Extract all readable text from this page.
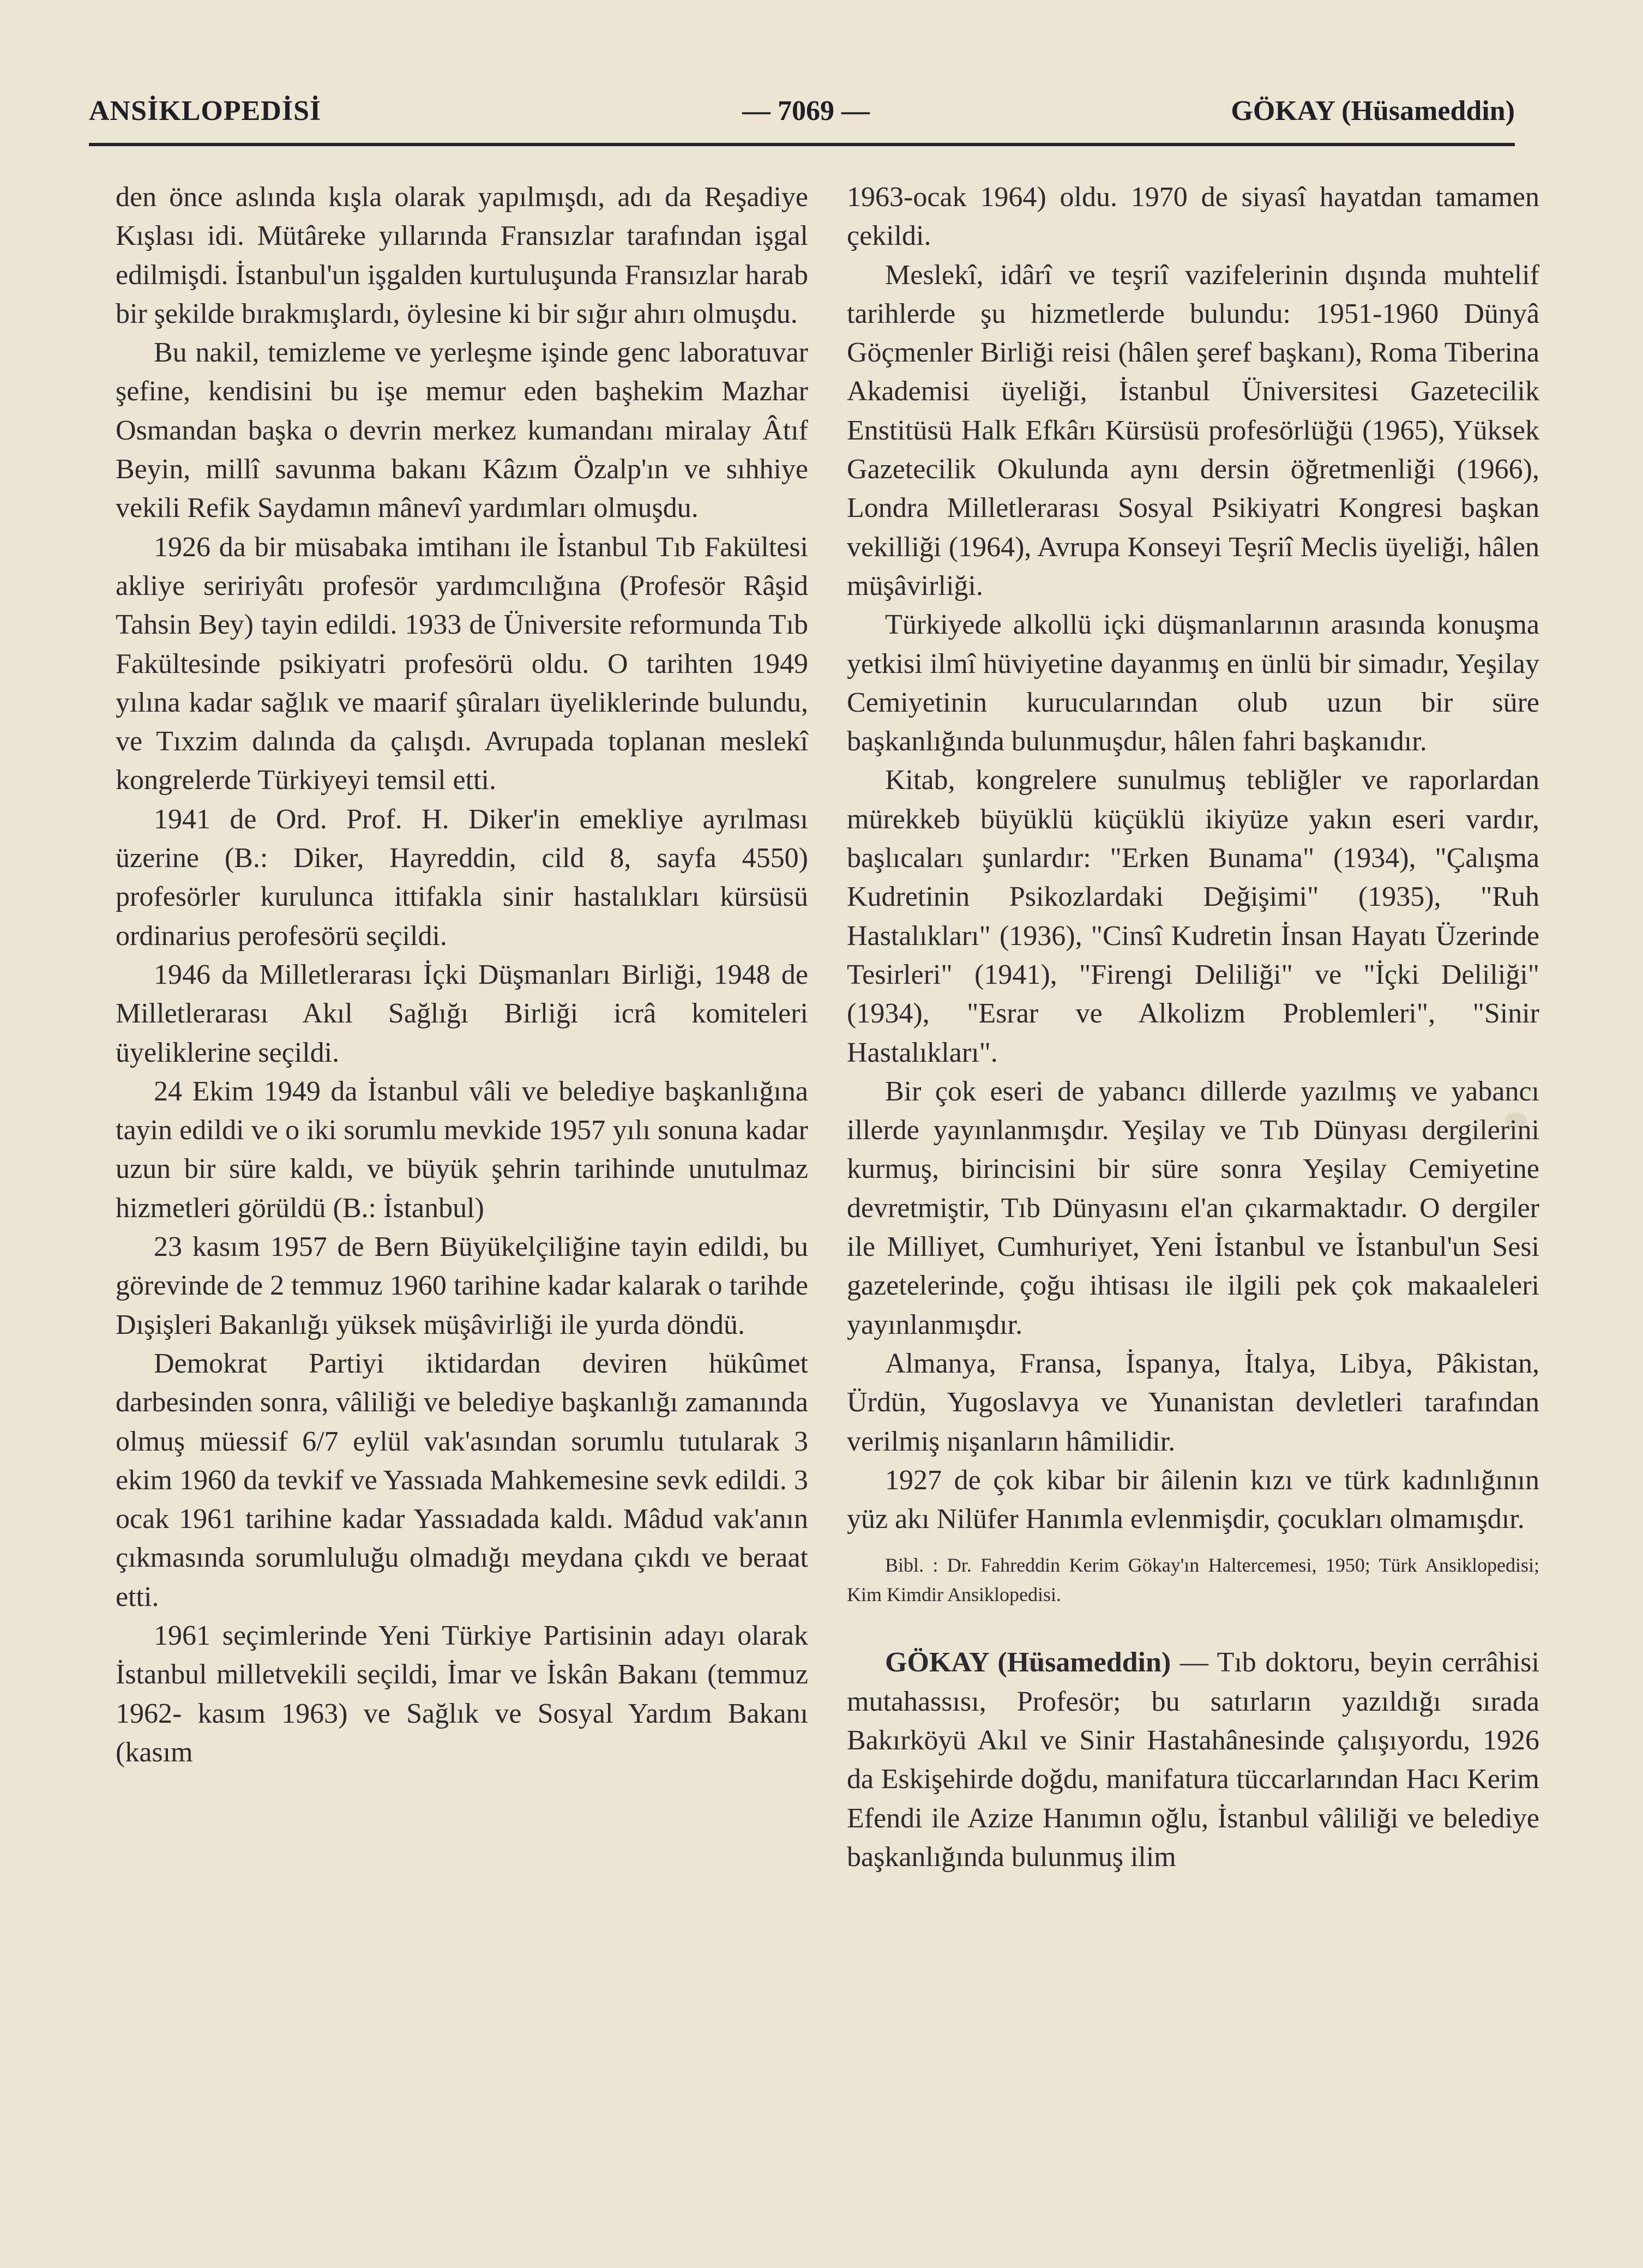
ANSİKLOPEDİSİ	— 7069 —	GÖKAY (Hüsameddin)

den önce aslında kışla olarak yapılmışdı, adı da Reşadiye Kışlası idi. Mütâreke yıllarında Fransızlar tarafından işgal edilmişdi. İstanbul'un işgalden kurtuluşunda Fransızlar harab bir şekilde bırakmışlardı, öylesine ki bir sığır ahırı olmuşdu.

Bu nakil, temizleme ve yerleşme işinde genc laboratuvar şefine, kendisini bu işe memur eden başhekim Mazhar Osmandan başka o devrin merkez kumandanı miralay Âtıf Beyin, millî savunma bakanı Kâzım Özalp'ın ve sıhhiye vekili Refik Saydamın mânevî yardımları olmuşdu.

1926 da bir müsabaka imtihanı ile İstanbul Tıb Fakültesi akliye seririyâtı profesör yardımcılığına (Profesör Râşid Tahsin Bey) tayin edildi. 1933 de Üniversite reformunda Tıb Fakültesinde psikiyatri profesörü oldu. O tarihten 1949 yılına kadar sağlık ve maarif şûraları üyeliklerinde bulundu, ve Tıxzim dalında da çalışdı. Avrupada toplanan meslekî kongrelerde Türkiyeyi temsil etti.

1941 de Ord. Prof. H. Diker'in emekliye ayrılması üzerine (B.: Diker, Hayreddin, cild 8, sayfa 4550) profesörler kurulunca ittifakla sinir hastalıkları kürsüsü ordinarius perofesörü seçildi.

1946 da Milletlerarası İçki Düşmanları Birliği, 1948 de Milletlerarası Akıl Sağlığı Birliği icrâ komiteleri üyeliklerine seçildi.

24 Ekim 1949 da İstanbul vâli ve belediye başkanlığına tayin edildi ve o iki sorumlu mevkide 1957 yılı sonuna kadar uzun bir süre kaldı, ve büyük şehrin tarihinde unutulmaz hizmetleri görüldü (B.: İstanbul)

23 kasım 1957 de Bern Büyükelçiliğine tayin edildi, bu görevinde de 2 temmuz 1960 tarihine kadar kalarak o tarihde Dışişleri Bakanlığı yüksek müşâvirliği ile yurda döndü.

Demokrat Partiyi iktidardan deviren hükûmet darbesinden sonra, vâliliği ve belediye başkanlığı zamanında olmuş müessif 6/7 eylül vak'asından sorumlu tutularak 3 ekim 1960 da tevkif ve Yassıada Mahkemesine sevk edildi. 3 ocak 1961 tarihine kadar Yassıadada kaldı. Mâdud vak'anın çıkmasında sorumluluğu olmadığı meydana çıkdı ve beraat etti.

1961 seçimlerinde Yeni Türkiye Partisinin adayı olarak İstanbul milletvekili seçildi, İmar ve İskân Bakanı (temmuz 1962- kasım 1963) ve Sağlık ve Sosyal Yardım Bakanı (kasım

1963-ocak 1964) oldu. 1970 de siyasî hayatdan tamamen çekildi.

Meslekî, idârî ve teşriî vazifelerinin dışında muhtelif tarihlerde şu hizmetlerde bulundu: 1951-1960 Dünyâ Göçmenler Birliği reisi (hâlen şeref başkanı), Roma Tiberina Akademisi üyeliği, İstanbul Üniversitesi Gazetecilik Enstitüsü Halk Efkârı Kürsüsü profesörlüğü (1965), Yüksek Gazetecilik Okulunda aynı dersin öğretmenliği (1966), Londra Milletlerarası Sosyal Psikiyatri Kongresi başkan vekilliği (1964), Avrupa Konseyi Teşriî Meclis üyeliği, hâlen müşâvirliği.

Türkiyede alkollü içki düşmanlarının arasında konuşma yetkisi ilmî hüviyetine dayanmış en ünlü bir simadır, Yeşilay Cemiyetinin kurucularından olub uzun bir süre başkanlığında bulunmuşdur, hâlen fahri başkanıdır.

Kitab, kongrelere sunulmuş tebliğler ve raporlardan mürekkeb büyüklü küçüklü ikiyüze yakın eseri vardır, başlıcaları şunlardır: "Erken Bunama" (1934), "Çalışma Kudretinin Psikozlardaki Değişimi" (1935), "Ruh Hastalıkları" (1936), "Cinsî Kudretin İnsan Hayatı Üzerinde Tesirleri" (1941), "Firengi Deliliği" ve "İçki Deliliği" (1934), "Esrar ve Alkolizm Problemleri", "Sinir Hastalıkları".

Bir çok eseri de yabancı dillerde yazılmış ve yabancı illerde yayınlanmışdır. Yeşilay ve Tıb Dünyası dergilerini kurmuş, birincisini bir süre sonra Yeşilay Cemiyetine devretmiştir, Tıb Dünyasını el'an çıkarmaktadır. O dergiler ile Milliyet, Cumhuriyet, Yeni İstanbul ve İstanbul'un Sesi gazetelerinde, çoğu ihtisası ile ilgili pek çok makaaleleri yayınlanmışdır.

Almanya, Fransa, İspanya, İtalya, Libya, Pâkistan, Ürdün, Yugoslavya ve Yunanistan devletleri tarafından verilmiş nişanların hâmilidir.

1927 de çok kibar bir âilenin kızı ve türk kadınlığının yüz akı Nilüfer Hanımla evlenmişdir, çocukları olmamışdır.

Bibl. : Dr. Fahreddin Kerim Gökay'ın Haltercemesi, 1950; Türk Ansiklopedisi; Kim Kimdir Ansiklopedisi.

GÖKAY (Hüsameddin) — Tıb doktoru, beyin cerrâhisi mutahassısı, Profesör; bu satırların yazıldığı sırada Bakırköyü Akıl ve Sinir Hastahânesinde çalışıyordu, 1926 da Eskişehirde doğdu, manifatura tüccarlarından Hacı Kerim Efendi ile Azize Hanımın oğlu, İstanbul vâliliği ve belediye başkanlığında bulunmuş ilim
